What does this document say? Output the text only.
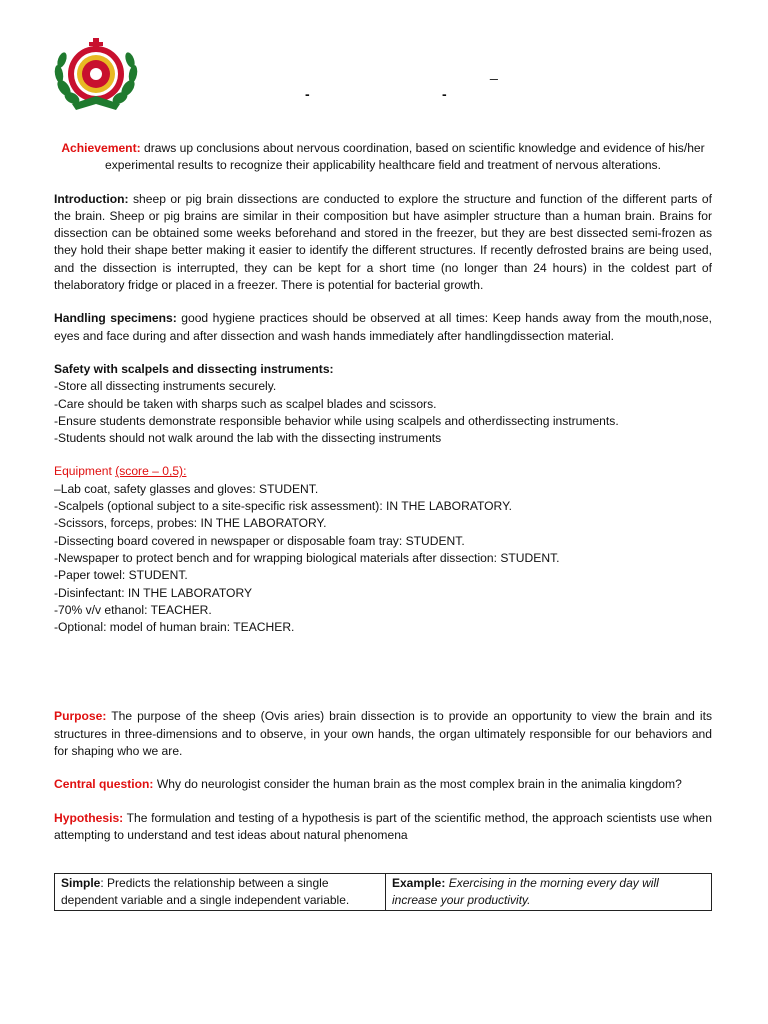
-	-
_

Achievement: draws up conclusions about nervous coordination, based on scientific knowledge and evidence of his/her experimental results to recognize their applicability healthcare field and treatment of nervous alterations.

Introduction: sheep or pig brain dissections are conducted to explore the structure and function of the different parts of the brain. Sheep or pig brains are similar in their composition but have asimpler structure than a human brain. Brains for dissection can be obtained some weeks beforehand and stored in the freezer, but they are best dissected semi-frozen as they hold their shape better making it easier to identify the different structures. If recently defrosted brains are being used, and the dissection is interrupted, they can be kept for a short time (no longer than 24 hours) in the coldest part of thelaboratory fridge or placed in a freezer. There is potential for bacterial growth.

Handling specimens: good hygiene practices should be observed at all times: Keep hands away from the mouth,nose, eyes and face during and after dissection and wash hands immediately after handlingdissection material.

Safety with scalpels and dissecting instruments:
-Store all dissecting instruments securely.
-Care should be taken with sharps such as scalpel blades and scissors.
-Ensure students demonstrate responsible behavior while using scalpels and otherdissecting instruments.
-Students should not walk around the lab with the dissecting instruments
Equipment (score – 0,5):
–Lab coat, safety glasses and gloves: STUDENT.
-Scalpels (optional subject to a site-specific risk assessment): IN THE LABORATORY.
-Scissors, forceps, probes: IN THE LABORATORY.
-Dissecting board covered in newspaper or disposable foam tray: STUDENT.
-Newspaper to protect bench and for wrapping biological materials after dissection: STUDENT.
-Paper towel: STUDENT.
-Disinfectant: IN THE LABORATORY
-70% v/v ethanol: TEACHER.
-Optional: model of human brain: TEACHER.

Purpose: The purpose of the sheep (Ovis aries) brain dissection is to provide an opportunity to view the brain and its structures in three-dimensions and to observe, in your own hands, the organ ultimately responsible for our behaviors and for shaping who we are.

Central question: Why do neurologist consider the human brain as the most complex brain in the animalia kingdom?

Hypothesis: The formulation and testing of a hypothesis is part of the scientific method, the approach scientists use when attempting to understand and test ideas about natural phenomena

Simple: Predicts the relationship between a single dependent variable and a single independent variable.	Example: Exercising in the morning every day will increase your productivity.
